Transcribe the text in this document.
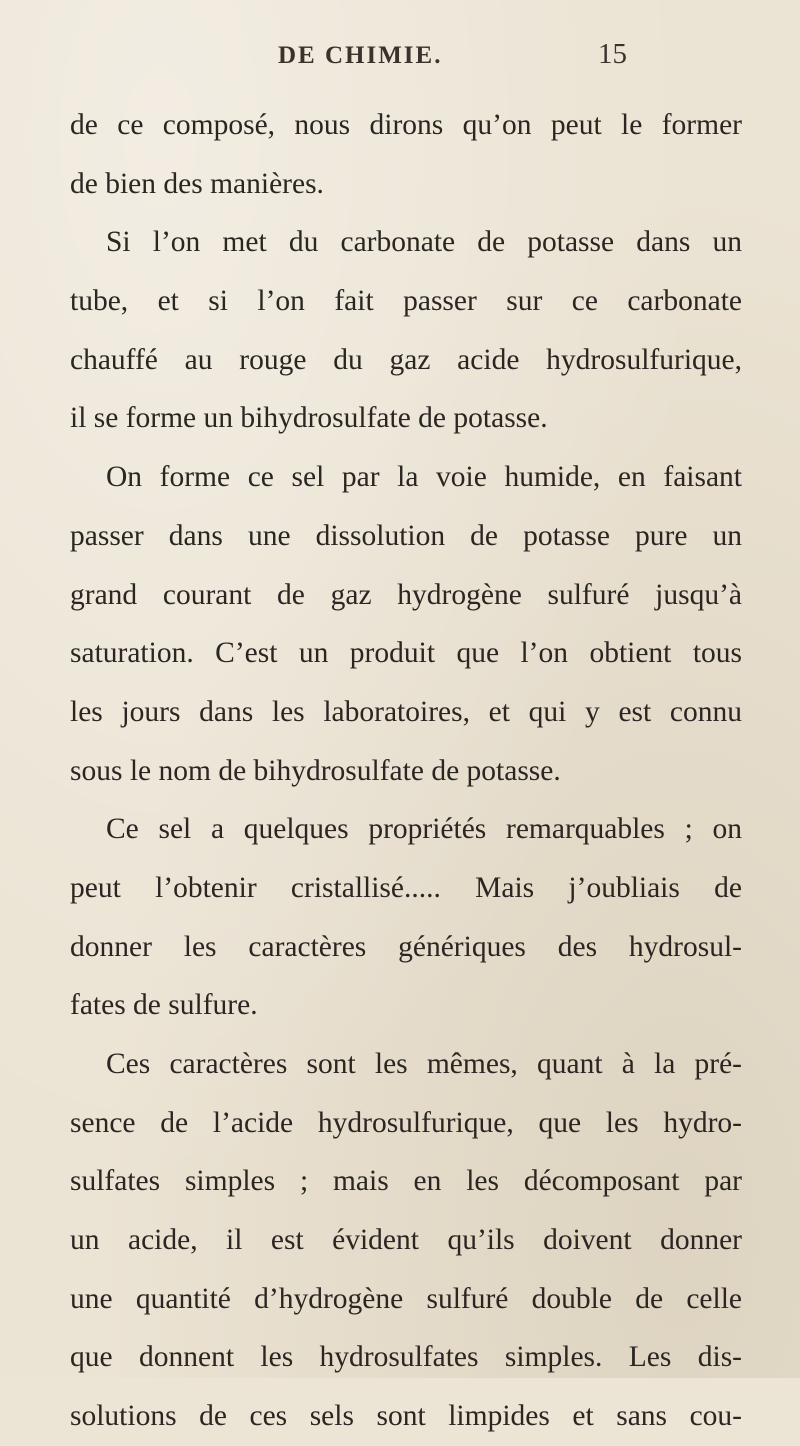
DE CHIMIE.	15
de ce composé, nous dirons qu’on peut le former
de bien des manières.
Si l’on met du carbonate de potasse dans un
tube, et si l’on fait passer sur ce carbonate
chauffé au rouge du gaz acide hydrosulfurique,
il se forme un bihydrosulfate de potasse.
On forme ce sel par la voie humide, en faisant
passer dans une dissolution de potasse pure un
grand courant de gaz hydrogène sulfuré jusqu’à
saturation. C’est un produit que l’on obtient tous
les jours dans les laboratoires, et qui y est connu
sous le nom de bihydrosulfate de potasse.
Ce sel a quelques propriétés remarquables ; on
peut l’obtenir cristallisé..... Mais j’oubliais de
donner les caractères génériques des hydrosul-
fates de sulfure.
Ces caractères sont les mêmes, quant à la pré-
sence de l’acide hydrosulfurique, que les hydro-
sulfates simples ; mais en les décomposant par
un acide, il est évident qu’ils doivent donner
une quantité d’hydrogène sulfuré double de celle
que donnent les hydrosulfates simples. Les dis-
solutions de ces sels sont limpides et sans cou-
